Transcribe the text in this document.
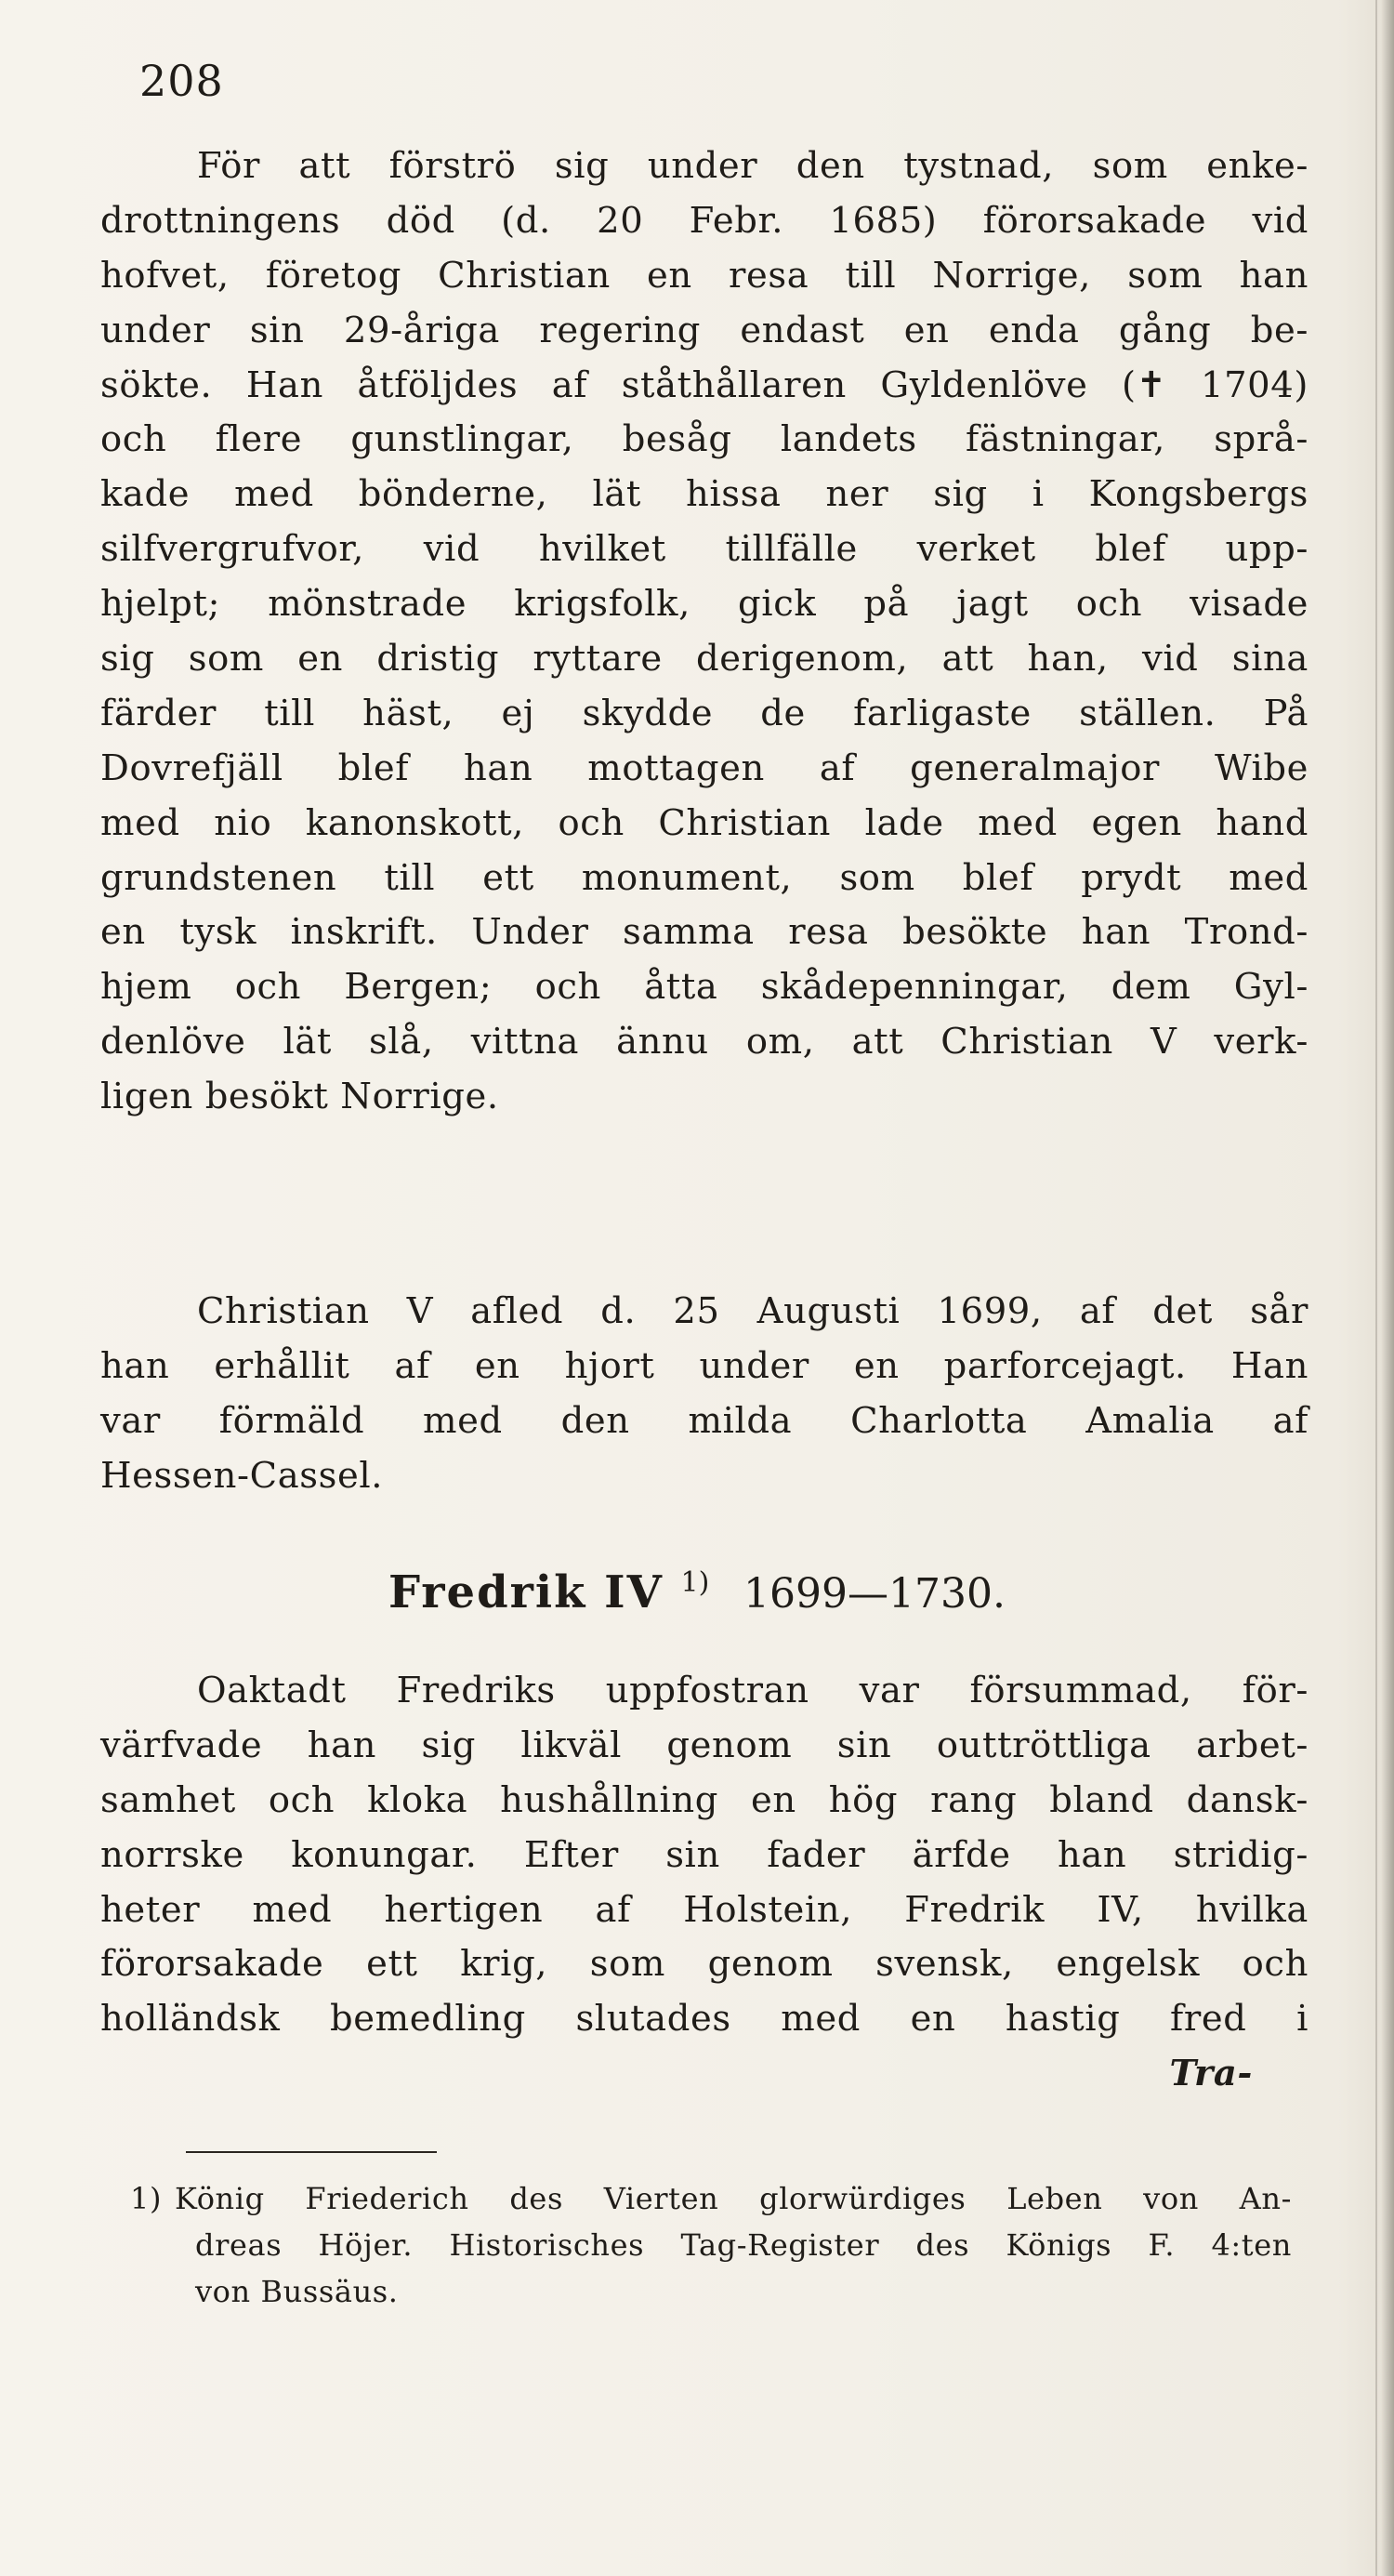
208
För att förströ sig under den tystnad, som enke-
drottningens död (d. 20 Febr. 1685) förorsakade vid
hofvet, företog Christian en resa till Norrige, som han
under sin 29-åriga regering endast en enda gång be-
sökte. Han åtföljdes af ståthållaren Gyldenlöve (✝ 1704)
och flere gunstlingar, besåg landets fästningar, språ-
kade med bönderne, lät hissa ner sig i Kongsbergs
silfvergrufvor, vid hvilket tillfälle verket blef upp-
hjelpt; mönstrade krigsfolk, gick på jagt och visade
sig som en dristig ryttare derigenom, att han, vid sina
färder till häst, ej skydde de farligaste ställen. På
Dovrefjäll blef han mottagen af generalmajor Wibe
med nio kanonskott, och Christian lade med egen hand
grundstenen till ett monument, som blef prydt med
en tysk inskrift. Under samma resa besökte han Trond-
hjem och Bergen; och åtta skådepenningar, dem Gyl-
denlöve lät slå, vittna ännu om, att Christian V verk-
ligen besökt Norrige.
Christian V afled d. 25 Augusti 1699, af det sår
han erhållit af en hjort under en parforcejagt. Han
var förmäld med den milda Charlotta Amalia af
Hessen-Cassel.
Fredrik IV $^{1)}$ 1699—1730.
Oaktadt Fredriks uppfostran var försummad, för-
värfvade han sig likväl genom sin outtröttliga arbet-
samhet och kloka hushållning en hög rang bland dansk-
norrske konungar. Efter sin fader ärfde han stridig-
heter med hertigen af Holstein, Fredrik IV, hvilka
förorsakade ett krig, som genom svensk, engelsk och
holländsk bemedling slutades med en hastig fred i
Tra-
1) König Friederich des Vierten glorwürdiges Leben von An-
dreas Höjer. Historisches Tag-Register des Königs F. 4:ten
von Bussäus.
